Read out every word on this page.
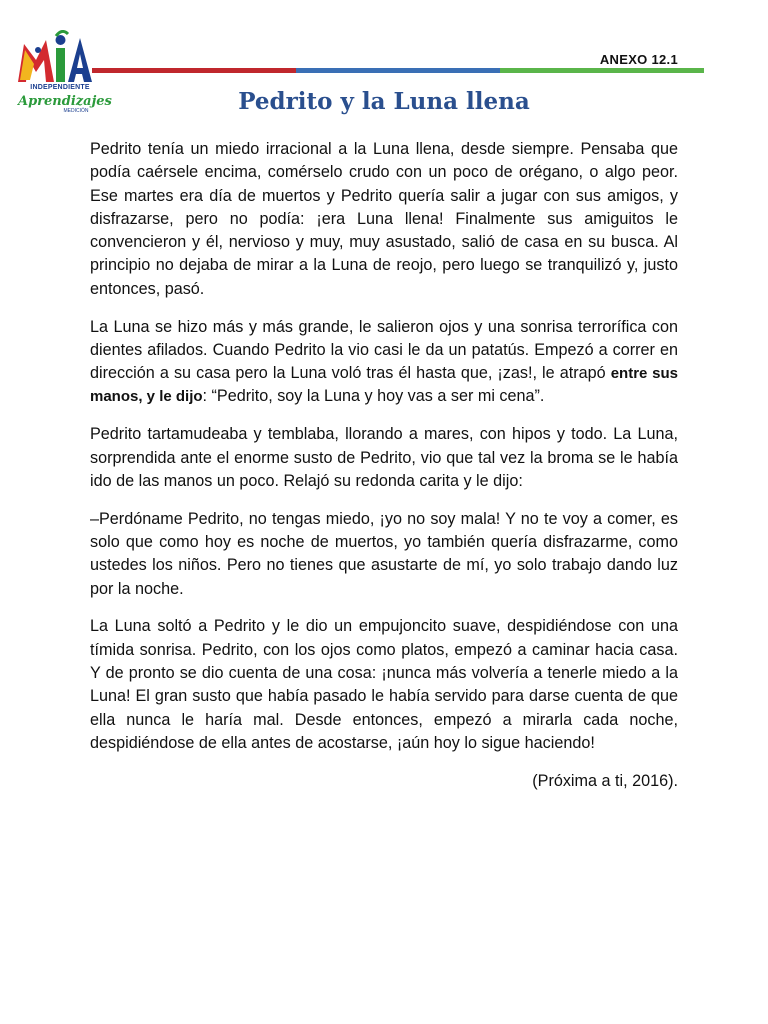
MEDICIÓN
INDEPENDIENTE
Aprendizajes
ANEXO 12.1
Pedrito y la Luna llena

Pedrito tenía un miedo irracional a la Luna llena, desde siempre. Pensaba que podía caérsele encima, comérselo crudo con un poco de orégano, o algo peor. Ese martes era día de muertos y Pedrito quería salir a jugar con sus amigos, y disfrazarse, pero no podía: ¡era Luna llena! Finalmente sus amiguitos le convencieron y él, nervioso y muy, muy asustado, salió de casa en su busca. Al principio no dejaba de mirar a la Luna de reojo, pero luego se tranquilizó y, justo entonces, pasó.

La Luna se hizo más y más grande, le salieron ojos y una sonrisa terrorífica con dientes afilados. Cuando Pedrito la vio casi le da un patatús. Empezó a correr en dirección a su casa pero la Luna voló tras él hasta que, ¡zas!, le atrapó entre sus manos, y le dijo: “Pedrito, soy la Luna y hoy vas a ser mi cena”.

Pedrito tartamudeaba y temblaba, llorando a mares, con hipos y todo. La Luna, sorprendida ante el enorme susto de Pedrito, vio que tal vez la broma se le había ido de las manos un poco. Relajó su redonda carita y le dijo:

–Perdóname Pedrito, no tengas miedo, ¡yo no soy mala! Y no te voy a comer, es solo que como hoy es noche de muertos, yo también quería disfrazarme, como ustedes los niños. Pero no tienes que asustarte de mí, yo solo trabajo dando luz por la noche.

La Luna soltó a Pedrito y le dio un empujoncito suave, despidiéndose con una tímida sonrisa. Pedrito, con los ojos como platos, empezó a caminar hacia casa. Y de pronto se dio cuenta de una cosa: ¡nunca más volvería a tenerle miedo a la Luna! El gran susto que había pasado le había servido para darse cuenta de que ella nunca le haría mal. Desde entonces, empezó a mirarla cada noche, despidiéndose de ella antes de acostarse, ¡aún hoy lo sigue haciendo!

(Próxima a ti, 2016).
